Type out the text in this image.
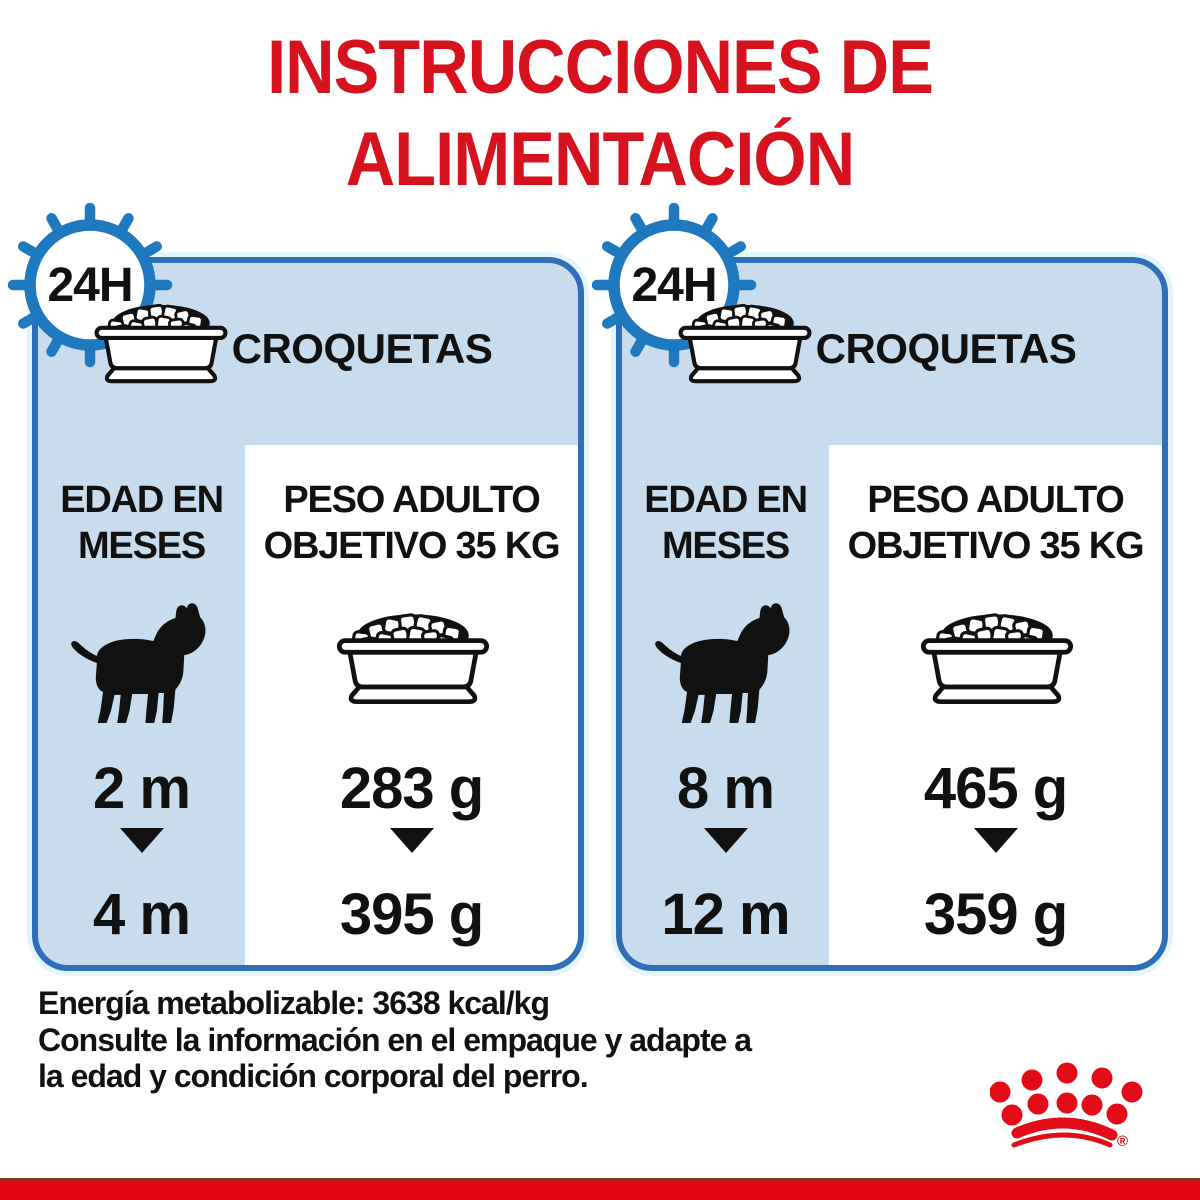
INSTRUCCIONES DE
ALIMENTACIÓN
EDAD EN
MESES
PESO ADULTO
OBJETIVO 35 KG
2 m
4 m
283 g
395 g
24H
CROQUETAS
EDAD EN
MESES
PESO ADULTO
OBJETIVO 35 KG
8 m
12 m
465 g
359 g
24H
CROQUETAS
Energía metabolizable: 3638 kcal/kg
Consulte la información en el empaque y adapte a
la edad y condición corporal del perro.
®
